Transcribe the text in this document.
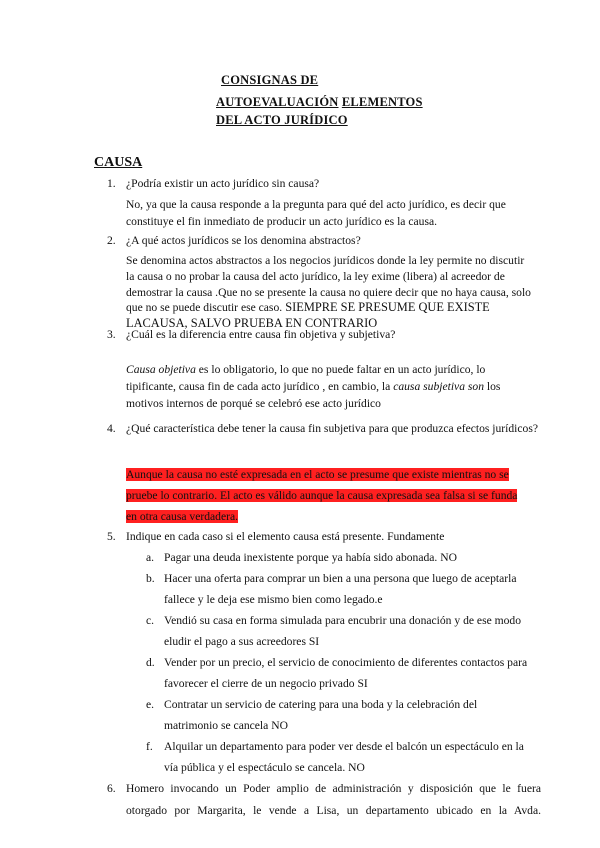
CONSIGNAS DE
AUTOEVALUACIÓN ELEMENTOS
DEL ACTO JURÍDICO
CAUSA
1. ¿Podría existir un acto jurídico sin causa?
No, ya que la causa responde a la pregunta para qué del acto jurídico, es decir que constituye el fin inmediato de producir un acto jurídico es la causa.
2. ¿A qué actos jurídicos se los denomina abstractos?
Se denomina actos abstractos a los negocios jurídicos donde la ley permite no discutir la causa o no probar la causa del acto jurídico, la ley exime (libera) al acreedor de demostrar la causa .Que no se presente la causa no quiere decir que no haya causa, solo que no se puede discutir ese caso. SIEMPRE SE PRESUME QUE EXISTE LACAUSA, SALVO PRUEBA EN CONTRARIO
3. ¿Cuál es la diferencia entre causa fin objetiva y subjetiva?
Causa objetiva es lo obligatorio, lo que no puede faltar en un acto jurídico, lo tipificante, causa fin de cada acto jurídico , en cambio, la causa subjetiva son los motivos internos de porqué se celebró ese acto jurídico
4. ¿Qué característica debe tener la causa fin subjetiva para que produzca efectos jurídicos?
Aunque la causa no esté expresada en el acto se presume que existe mientras no se pruebe lo contrario. El acto es válido aunque la causa expresada sea falsa si se funda en otra causa verdadera.
5. Indique en cada caso si el elemento causa está presente. Fundamente
a. Pagar una deuda inexistente porque ya había sido abonada. NO
b. Hacer una oferta para comprar un bien a una persona que luego de aceptarla fallece y le deja ese mismo bien como legado.e
c. Vendió su casa en forma simulada para encubrir una donación y de ese modo eludir el pago a sus acreedores SI
d. Vender por un precio, el servicio de conocimiento de diferentes contactos para favorecer el cierre de un negocio privado SI
e. Contratar un servicio de catering para una boda y la celebración del matrimonio se cancela NO
f. Alquilar un departamento para poder ver desde el balcón un espectáculo en la vía pública y el espectáculo se cancela. NO
6. Homero invocando un Poder amplio de administración y disposición que le fuera
otorgado por Margarita, le vende a Lisa, un departamento ubicado en la Avda.
